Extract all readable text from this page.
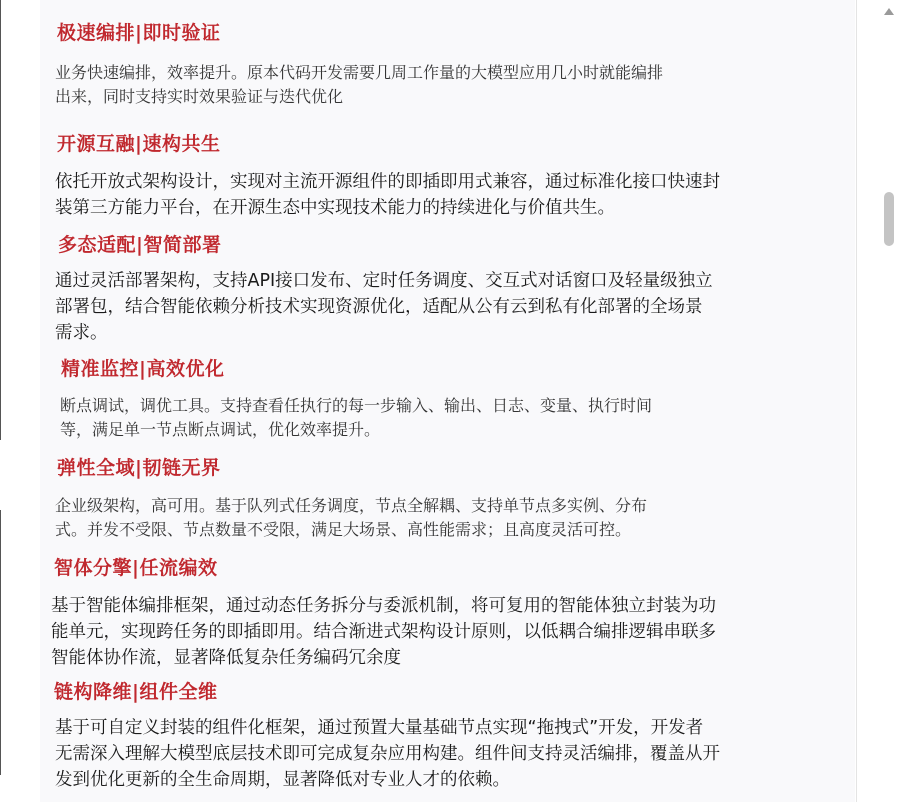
极速编排|即时验证
业务快速编排，效率提升。原本代码开发需要几周工作量的大模型应用几小时就能编排
出来，同时支持实时效果验证与迭代优化
开源互融|速构共生
依托开放式架构设计，实现对主流开源组件的即插即用式兼容，通过标准化接口快速封
装第三方能力平台，在开源生态中实现技术能力的持续进化与价值共生。
多态适配|智简部署
通过灵活部署架构，支持API接口发布、定时任务调度、交互式对话窗口及轻量级独立
部署包，结合智能依赖分析技术实现资源优化，适配从公有云到私有化部署的全场景
需求。
精准监控|高效优化
断点调试，调优工具。支持查看任执行的每一步输入、输出、日志、变量、执行时间
等，满足单一节点断点调试，优化效率提升。
弹性全域|韧链无界
企业级架构，高可用。基于队列式任务调度，节点全解耦、支持单节点多实例、分布
式。并发不受限、节点数量不受限，满足大场景、高性能需求；且高度灵活可控。
智体分擎|任流编效
基于智能体编排框架，通过动态任务拆分与委派机制，将可复用的智能体独立封装为功
能单元，实现跨任务的即插即用。结合渐进式架构设计原则，以低耦合编排逻辑串联多
智能体协作流，显著降低复杂任务编码冗余度
链构降维|组件全维
基于可自定义封装的组件化框架，通过预置大量基础节点实现“拖拽式”开发，开发者
无需深入理解大模型底层技术即可完成复杂应用构建。组件间支持灵活编排，覆盖从开
发到优化更新的全生命周期，显著降低对专业人才的依赖。
